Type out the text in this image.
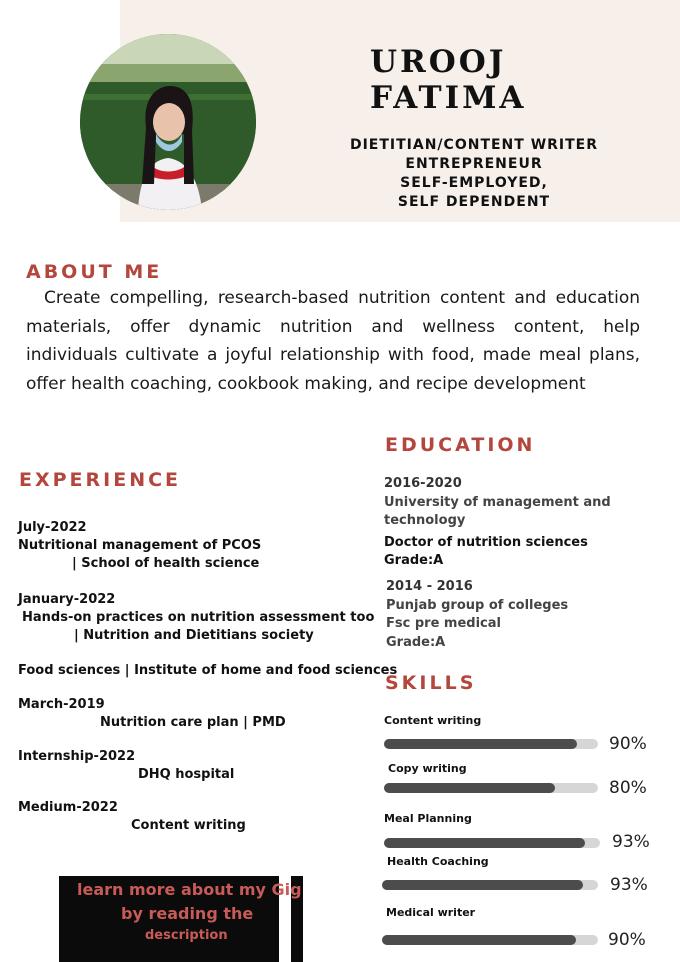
UROOJ
FATIMA
DIETITIAN/CONTENT WRITER
ENTREPRENEUR
SELF-EMPLOYED,
SELF DEPENDENT
ABOUT ME
Create compelling, research-based nutrition content and education materials, offer dynamic nutrition and wellness content, help individuals cultivate a joyful relationship with food, made meal plans, offer health coaching, cookbook making, and recipe development
EXPERIENCE
July-2022
Nutritional management of PCOS
| School of health science
January-2022
Hands-on practices on nutrition assessment too
| Nutrition and Dietitians society
Food sciences | Institute of home and food sciences
March-2019
Nutrition care plan | PMD
Internship-2022
DHQ hospital
Medium-2022
Content writing
EDUCATION
2016-2020
University of management and technology
Doctor of nutrition sciences
Grade:A
2014 - 2016
Punjab group of colleges
Fsc pre medical
Grade:A
SKILLS
Content writing
90%
Copy writing
80%
Meal Planning
93%
Health Coaching
93%
Medical writer
90%
learn more about my Gig
by reading the
description
